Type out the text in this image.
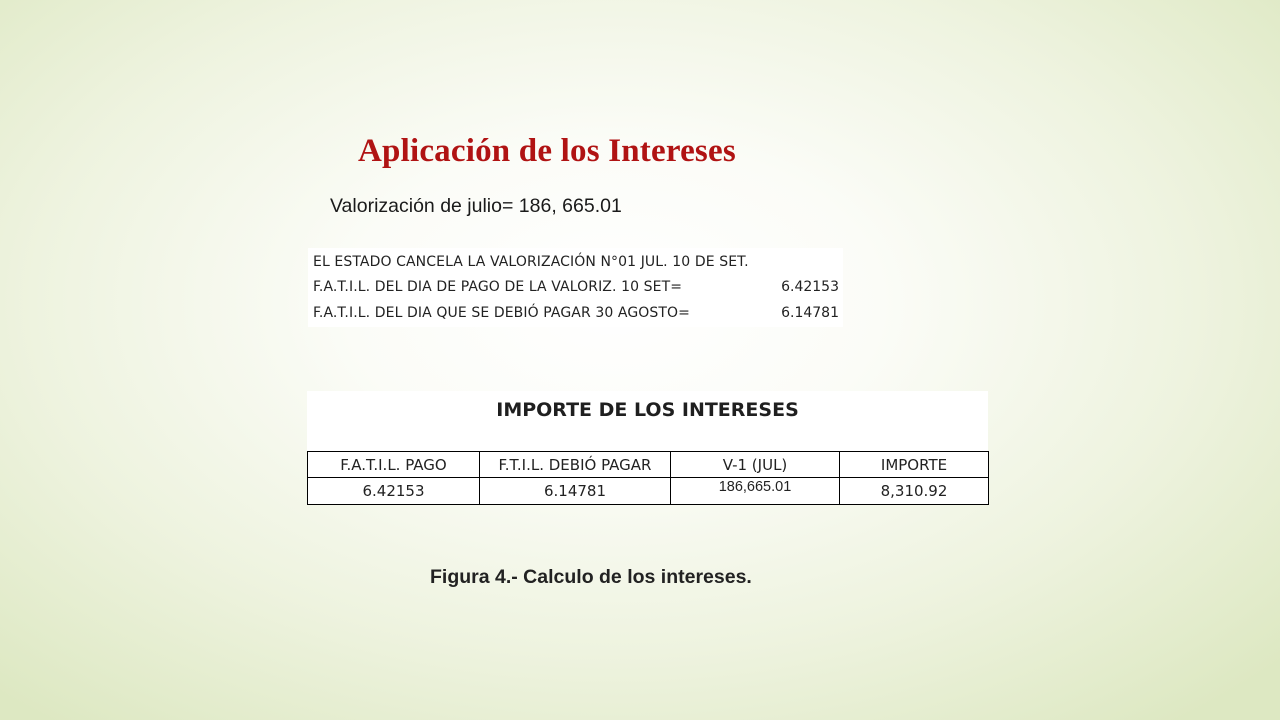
Aplicación de los Intereses
Valorización de julio= 186, 665.01
EL ESTADO CANCELA LA VALORIZACIÓN N°01 JUL. 10 DE SET.
F.A.T.I.L. DEL DIA DE PAGO DE LA VALORIZ. 10 SET=	6.42153
F.A.T.I.L. DEL DIA QUE SE DEBIÓ PAGAR 30 AGOSTO=	6.14781
IMPORTE DE LOS INTERESES
F.A.T.I.L. PAGO	F.T.I.L. DEBIÓ PAGAR	V-1 (JUL)	IMPORTE
6.42153	6.14781	186,665.01	8,310.92
Figura 4.- Calculo de los intereses.
